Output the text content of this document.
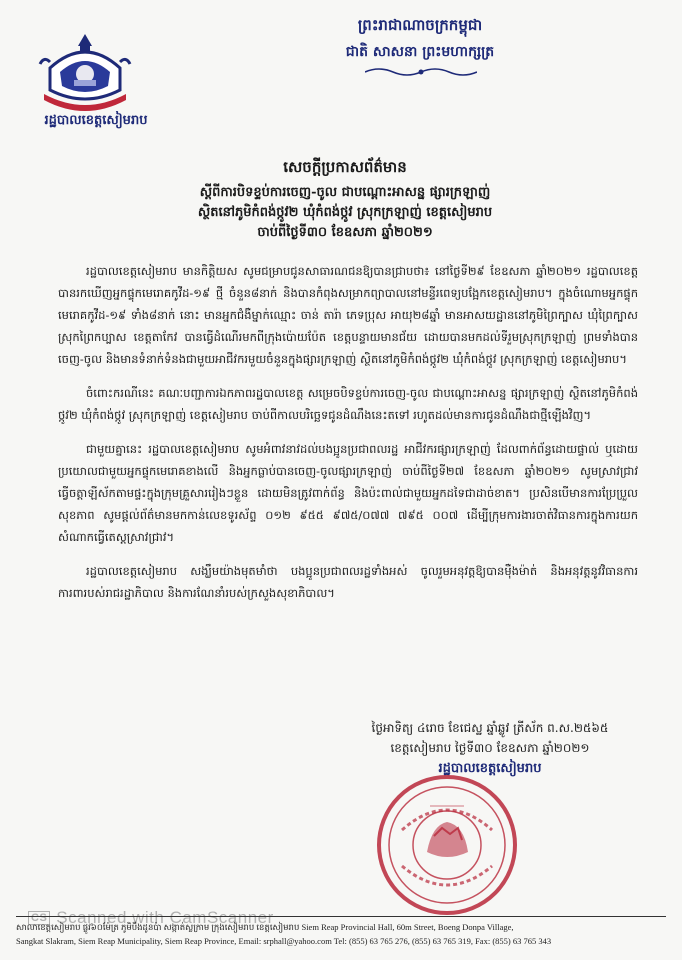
រដ្ឋបាលខេត្តសៀមរាប
ព្រះរាជាណាចក្រកម្ពុជា
ជាតិ សាសនា ព្រះមហាក្សត្រ
សេចក្តីប្រកាសព័ត៌មាន
ស្តីពីការបិទខ្ទប់ការចេញ-ចូល ជាបណ្ដោះអាសន្ន ផ្សារក្រឡាញ់
ស្ថិតនៅភូមិកំពង់ថ្កូវ២ ឃុំកំពង់ថ្កូវ ស្រុកក្រឡាញ់ ខេត្តសៀមរាប
ចាប់ពីថ្ងៃទី៣០ ខែឧសភា ឆ្នាំ២០២១

រដ្ឋបាលខេត្តសៀមរាប មានកិត្តិយស សូមជម្រាបជូនសាធារណជនឱ្យបានជ្រាបថា៖ នៅថ្ងៃទី២៩ ខែឧសភា ឆ្នាំ២០២១ រដ្ឋបាលខេត្ត បានរកឃើញអ្នកផ្ទុកមេរោគកូវីដ-១៩ ថ្មី ចំនួន៨នាក់ និងបានកំពុងសម្រាកព្យាបាលនៅមន្ទីរពេទ្យបង្អែកខេត្តសៀមរាប។ ក្នុងចំណោមអ្នកផ្ទុកមេរោគកូវីដ-១៩ ទាំង៨នាក់ នោះ មានអ្នកជំងឺម្នាក់ឈ្មោះ ចាន់ តារ៉ា ភេទប្រុស អាយុ២៨ឆ្នាំ មានអាសយដ្ឋាននៅភូមិព្រៃក្បាស ឃុំព្រៃក្បាស ស្រុកព្រៃកប្បាស ខេត្តតាកែវ បានធ្វើដំណើរមកពីក្រុងប៉ោយប៉ែត ខេត្តបន្ទាយមានជ័យ ដោយបានមកដល់ទីរួមស្រុកក្រឡាញ់ ព្រមទាំងបានចេញ-ចូល និងមានទំនាក់ទំនងជាមួយអាជីវករមួយចំនួនក្នុងផ្សារក្រឡាញ់ ស្ថិតនៅភូមិកំពង់ថ្កូវ២ ឃុំកំពង់ថ្កូវ ស្រុកក្រឡាញ់ ខេត្តសៀមរាប។

ចំពោះករណីនេះ គណៈបញ្ជាការឯកភាពរដ្ឋបាលខេត្ត សម្រេចបិទខ្ទប់ការចេញ-ចូល ជាបណ្ដោះអាសន្ន ផ្សារក្រឡាញ់ ស្ថិតនៅភូមិកំពង់ថ្កូវ២ ឃុំកំពង់ថ្កូវ ស្រុកក្រឡាញ់ ខេត្តសៀមរាប ចាប់ពីកាលបរិច្ឆេទជូនដំណឹងនេះតទៅ រហូតដល់មានការជូនដំណឹងជាថ្មីឡើងវិញ។

ជាមួយគ្នានេះ រដ្ឋបាលខេត្តសៀមរាប សូមអំពាវនាវដល់បងប្អូនប្រជាពលរដ្ឋ អាជីវករផ្សារក្រឡាញ់ ដែលពាក់ព័ន្ធដោយផ្ទាល់ ឬដោយប្រយោលជាមួយអ្នកផ្ទុកមេរោគខាងលើ និងអ្នកធ្លាប់បានចេញ-ចូលផ្សារក្រឡាញ់ ចាប់ពីថ្ងៃទី២៧ ខែឧសភា ឆ្នាំ២០២១ សូមស្រាវជ្រាវធ្វើចត្តាឡីស័កតាមផ្ទះក្នុងក្រុមគ្រួសាររៀងៗខ្លួន ដោយមិនត្រូវពាក់ព័ន្ធ និងប៉ះពាល់ជាមួយអ្នកដទៃជាដាច់ខាត។ ប្រសិនបើមានការប្រែប្រួលសុខភាព សូមផ្តល់ព័ត៌មានមកកាន់លេខទូរស័ព្ទ ០១២ ៩៥៥ ៩៧៥/០៧៧ ៧៩៥ ០០៧ ដើម្បីក្រុមការងារចាត់វិធានការក្នុងការយកសំណាកធ្វើតេស្តស្រាវជ្រាវ។

រដ្ឋបាលខេត្តសៀមរាប សង្ឃឹមយ៉ាងមុតមាំថា បងប្អូនប្រជាពលរដ្ឋទាំងអស់ ចូលរួមអនុវត្តឱ្យបានម៉ឺងម៉ាត់ និងអនុវត្តនូវវិធានការការពារបស់រាជរដ្ឋាភិបាល និងការណែនាំរបស់ក្រសួងសុខាភិបាល។

ថ្ងៃអាទិត្យ ៤រោច ខែជេស្ឋ ឆ្នាំឆ្លូវ ត្រីស័ក ព.ស.២៥៦៥
ខេត្តសៀមរាប ថ្ងៃទី៣០ ខែឧសភា ឆ្នាំ២០២១
រដ្ឋបាលខេត្តសៀមរាប
CS Scanned with CamScanner
សាលាខេត្តសៀមរាប ផ្លូវ៦០ម៉ែត្រ ភូមិបឹងដូនប៉ា សង្កាត់ស្លក្រាម ក្រុងសៀមរាប ខេត្តសៀមរាប Siem Reap Provincial Hall, 60m Street, Boeng Donpa Village,
Sangkat Slakram, Siem Reap Municipality, Siem Reap Province, Email: srphall@yahoo.com Tel: (855) 63 765 276, (855) 63 765 319, Fax: (855) 63 765 343
